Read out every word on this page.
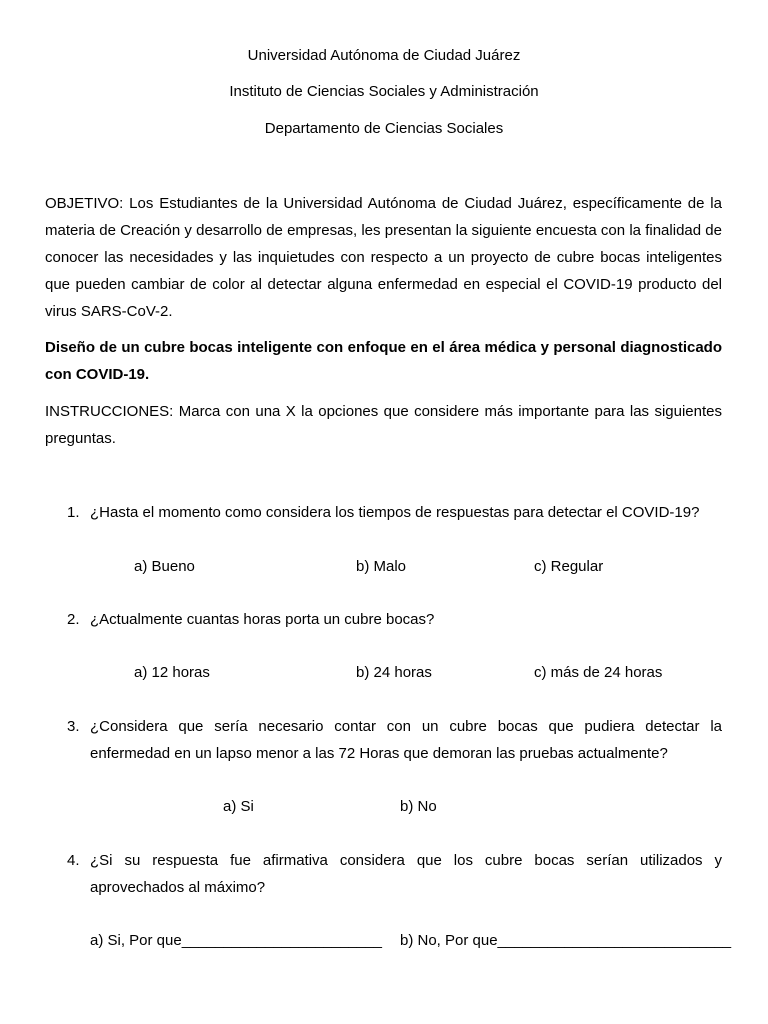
Universidad Autónoma de Ciudad Juárez
Instituto de Ciencias Sociales y Administración
Departamento de Ciencias Sociales

OBJETIVO: Los Estudiantes de la Universidad Autónoma de Ciudad Juárez, específicamente de la materia de Creación y desarrollo de empresas, les presentan la siguiente encuesta con la finalidad de conocer las necesidades y las inquietudes con respecto a un proyecto de cubre bocas inteligentes que pueden cambiar de color al detectar alguna enfermedad en especial el COVID-19 producto del virus SARS-CoV-2.

Diseño de un cubre bocas inteligente con enfoque en el área médica y personal diagnosticado con COVID-19.

INSTRUCCIONES: Marca con una X la opciones que considere más importante para las siguientes preguntas.

1. ¿Hasta el momento como considera los tiempos de respuestas para detectar el COVID-19?
a) Bueno	b) Malo	c) Regular
2. ¿Actualmente cuantas horas porta un cubre bocas?
a) 12 horas	b) 24 horas	c) más de 24 horas
3. ¿Considera que sería necesario contar con un cubre bocas que pudiera detectar la enfermedad en un lapso menor a las 72 Horas que demoran las pruebas actualmente?
a) Si	b) No
4. ¿Si su respuesta fue afirmativa considera que los cubre bocas serían utilizados y aprovechados al máximo?
a) Si, Por que________________________ b) No, Por que____________________________
